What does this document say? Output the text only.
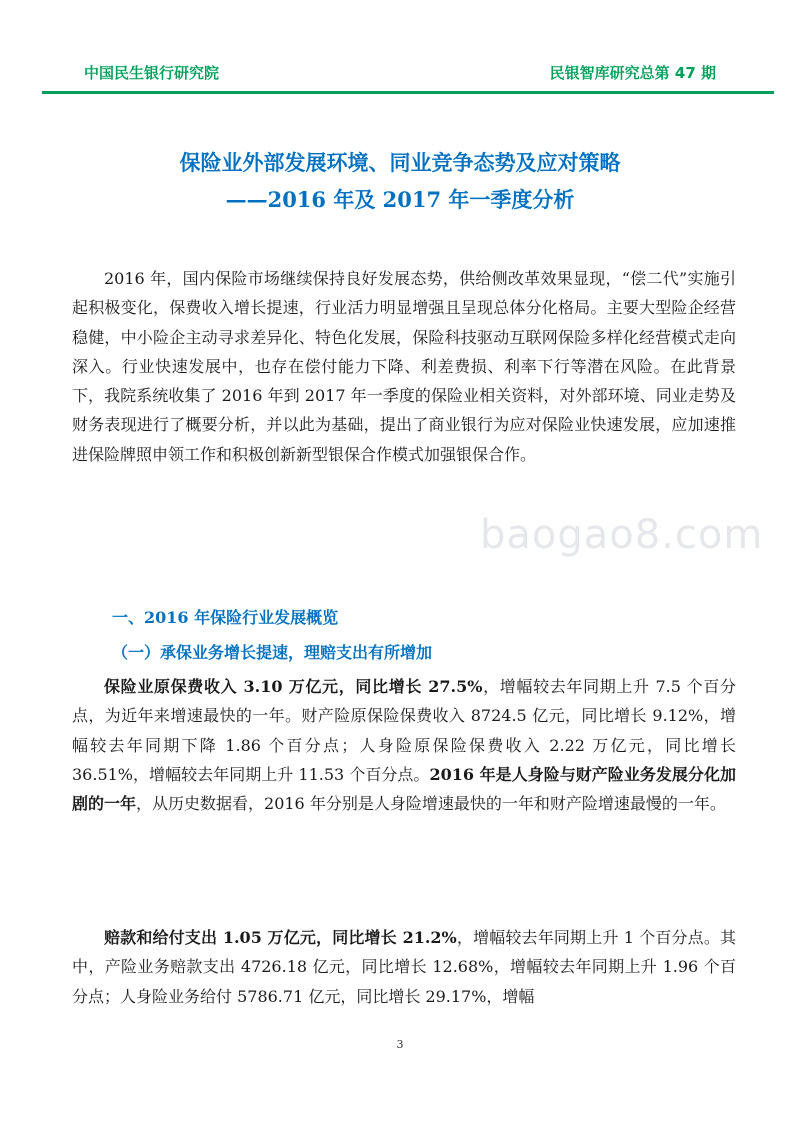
中国民生银行研究院	民银智库研究总第 47 期
保险业外部发展环境、同业竞争态势及应对策略
——2016 年及 2017 年一季度分析

2016 年，国内保险市场继续保持良好发展态势，供给侧改革效果显现，“偿二代”实施引起积极变化，保费收入增长提速，行业活力明显增强且呈现总体分化格局。主要大型险企经营稳健，中小险企主动寻求差异化、特色化发展，保险科技驱动互联网保险多样化经营模式走向深入。行业快速发展中，也存在偿付能力下降、利差费损、利率下行等潜在风险。在此背景下，我院系统收集了 2016 年到 2017 年一季度的保险业相关资料，对外部环境、同业走势及财务表现进行了概要分析，并以此为基础，提出了商业银行为应对保险业快速发展，应加速推进保险牌照申领工作和积极创新新型银保合作模式加强银保合作。

baogao8.com
一、2016 年保险行业发展概览
（一）承保业务增长提速，理赔支出有所增加

保险业原保费收入 3.10 万亿元，同比增长 27.5%，增幅较去年同期上升 7.5 个百分点，为近年来增速最快的一年。财产险原保险保费收入 8724.5 亿元，同比增长 9.12%，增幅较去年同期下降 1.86 个百分点；人身险原保险保费收入 2.22 万亿元，同比增长 36.51%，增幅较去年同期上升 11.53 个百分点。2016 年是人身险与财产险业务发展分化加剧的一年，从历史数据看，2016 年分别是人身险增速最快的一年和财产险增速最慢的一年。

赔款和给付支出 1.05 万亿元，同比增长 21.2%，增幅较去年同期上升 1 个百分点。其中，产险业务赔款支出 4726.18 亿元，同比增长 12.68%，增幅较去年同期上升 1.96 个百分点；人身险业务给付 5786.71 亿元，同比增长 29.17%，增幅

3
